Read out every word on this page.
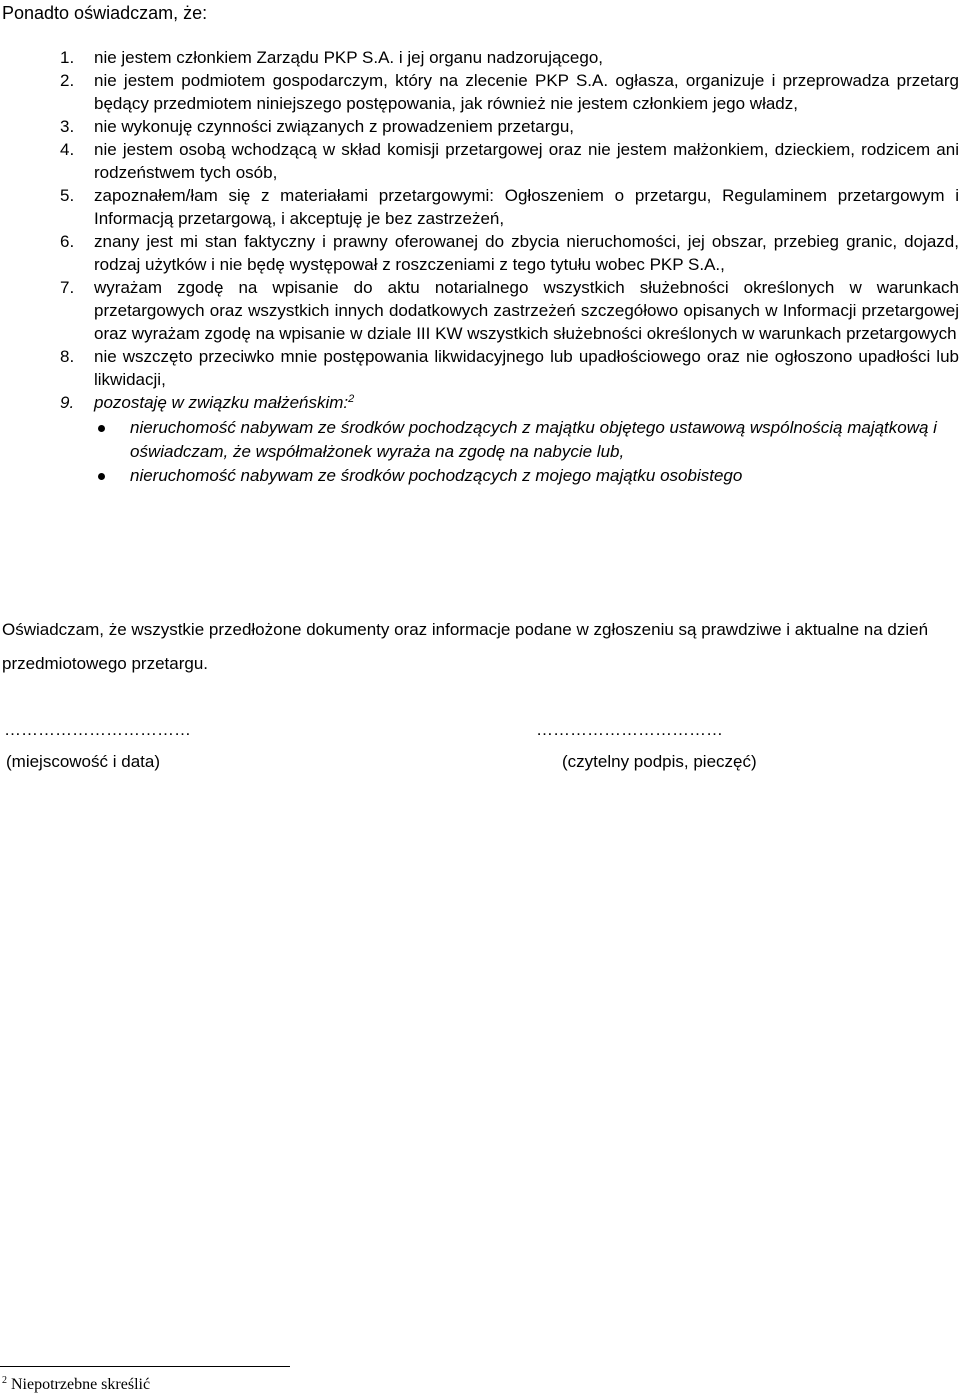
Ponadto oświadczam, że:

1.	nie jestem członkiem Zarządu PKP S.A. i jej organu nadzorującego,
2.	nie jestem podmiotem gospodarczym, który na zlecenie PKP S.A. ogłasza, organizuje i przeprowadza przetarg będący przedmiotem niniejszego postępowania, jak również nie jestem członkiem jego władz,
3.	nie wykonuję czynności związanych z prowadzeniem przetargu,
4.	nie jestem osobą wchodzącą w skład komisji przetargowej oraz nie jestem małżonkiem, dzieckiem, rodzicem ani rodzeństwem tych osób,
5.	zapoznałem/łam się z materiałami przetargowymi: Ogłoszeniem o przetargu, Regulaminem przetargowym i Informacją przetargową, i akceptuję je bez zastrzeżeń,
6.	znany jest mi stan faktyczny i prawny oferowanej do zbycia nieruchomości, jej obszar, przebieg granic, dojazd, rodzaj użytków i nie będę występował z roszczeniami z tego tytułu wobec PKP S.A.,
7.	wyrażam zgodę na wpisanie do aktu notarialnego wszystkich służebności określonych w warunkach przetargowych oraz wszystkich innych dodatkowych zastrzeżeń szczegółowo opisanych w Informacji przetargowej oraz wyrażam zgodę na wpisanie w dziale III KW wszystkich służebności określonych w warunkach przetargowych
8.	nie wszczęto przeciwko mnie postępowania likwidacyjnego lub upadłościowego oraz nie ogłoszono upadłości lub likwidacji,
9.	pozostaję w związku małżeńskim:$^2$
nieruchomość nabywam ze środków pochodzących z majątku objętego ustawową wspólnością majątkową i oświadczam, że współmałżonek wyraża na zgodę na nabycie lub,
nieruchomość nabywam ze środków pochodzących z mojego majątku osobistego

Oświadczam, że wszystkie przedłożone dokumenty oraz informacje podane w zgłoszeniu są prawdziwe i aktualne na dzień przedmiotowego przetargu.

……………………………
(miejscowość i data)
……………………………
(czytelny podpis, pieczęć)
$^2$ Niepotrzebne skreślić
